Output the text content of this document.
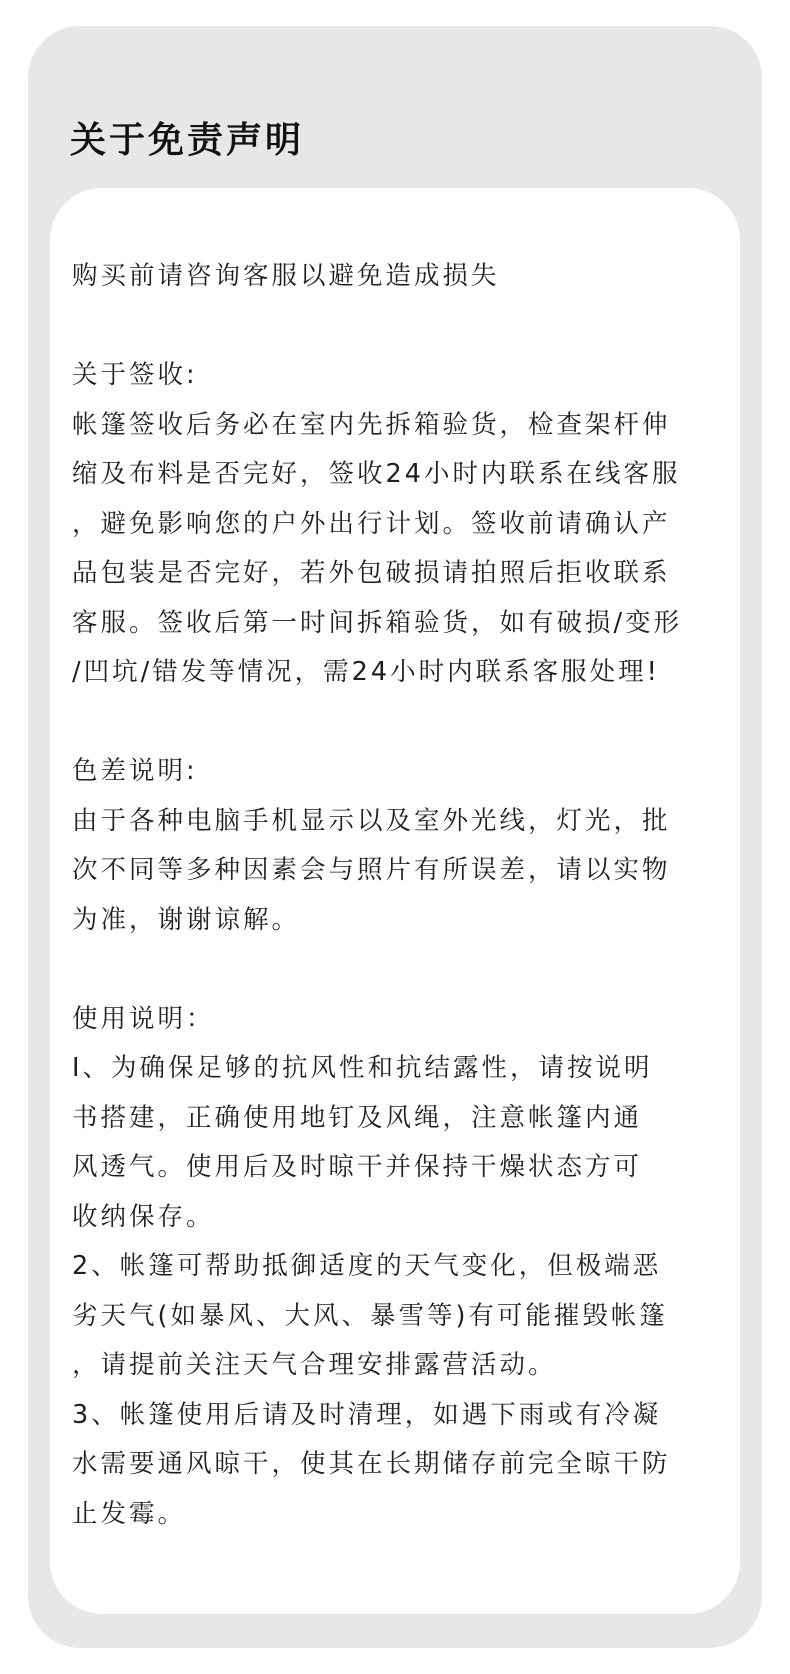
关于免责声明
购买前请咨询客服以避免造成损失
关于签收:
帐篷签收后务必在室内先拆箱验货，检查架杆伸
缩及布料是否完好，签收24小时内联系在线客服
，避免影响您的户外出行计划。签收前请确认产
品包装是否完好，若外包破损请拍照后拒收联系
客服。签收后第一时间拆箱验货，如有破损/变形
/凹坑/错发等情况，需24小时内联系客服处理!
色差说明:
由于各种电脑手机显示以及室外光线，灯光，批
次不同等多种因素会与照片有所误差，请以实物
为准，谢谢谅解。
使用说明：
I、为确保足够的抗风性和抗结露性，请按说明
书搭建，正确使用地钉及风绳，注意帐篷内通
风透气。使用后及时晾干并保持干燥状态方可
收纳保存。
2、帐篷可帮助抵御适度的天气变化，但极端恶
劣天气(如暴风、大风、暴雪等)有可能摧毁帐篷
，请提前关注天气合理安排露营活动。
3、帐篷使用后请及时清理，如遇下雨或有冷凝
水需要通风晾干，使其在长期储存前完全晾干防
止发霉。
